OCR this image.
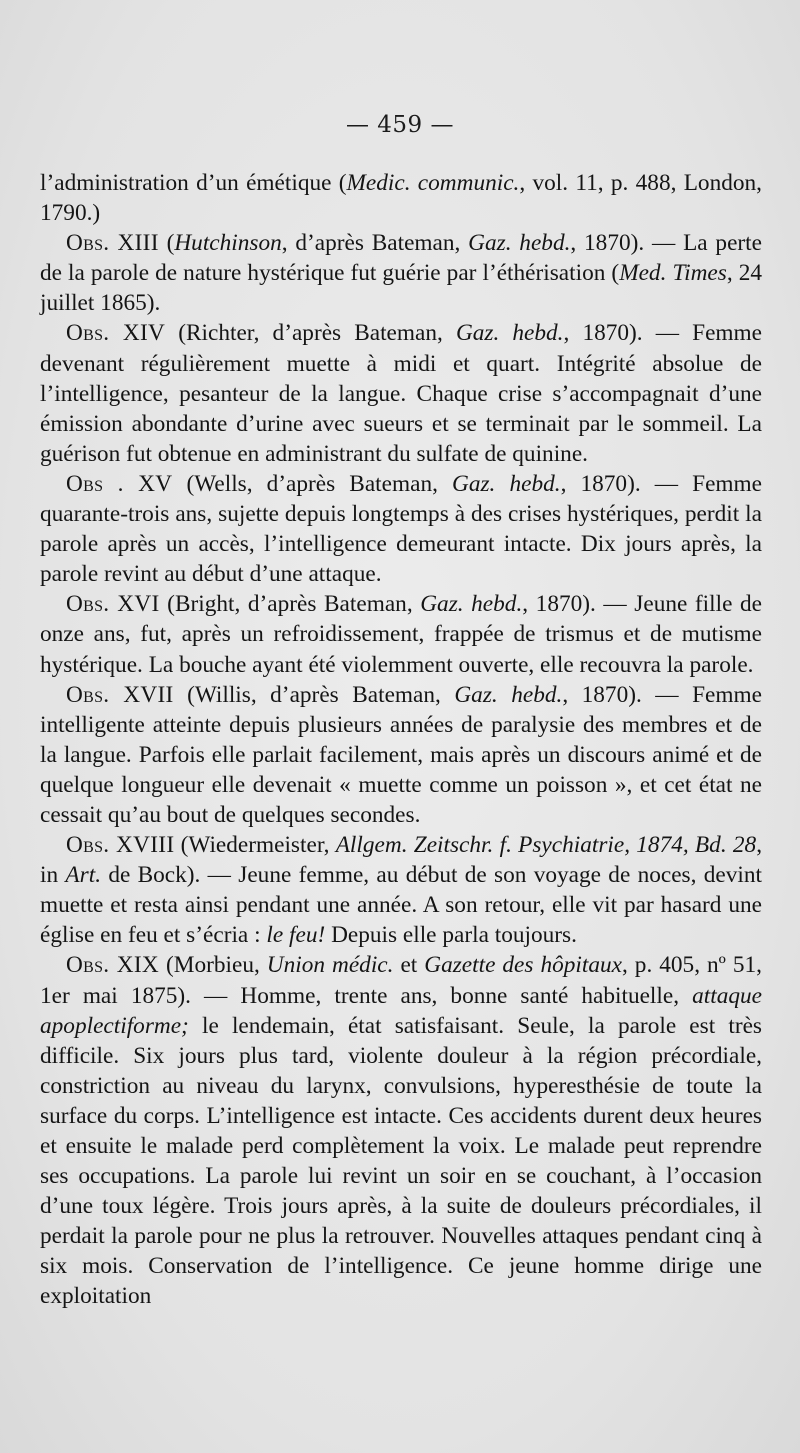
— 459 —

l’administration d’un émétique (Medic. communic., vol. 11, p. 488, London, 1790.)

Obs. XIII (Hutchinson, d’après Bateman, Gaz. hebd., 1870). — La perte de la parole de nature hystérique fut guérie par l’éthérisation (Med. Times, 24 juillet 1865).

Obs. XIV (Richter, d’après Bateman, Gaz. hebd., 1870). — Femme devenant régulièrement muette à midi et quart. Intégrité absolue de l’intelligence, pesanteur de la langue. Chaque crise s’accompagnait d’une émission abondante d’urine avec sueurs et se terminait par le sommeil. La guérison fut obtenue en administrant du sulfate de quinine.

Obs . XV (Wells, d’après Bateman, Gaz. hebd., 1870). — Femme quarante-trois ans, sujette depuis longtemps à des crises hystériques, perdit la parole après un accès, l’intelligence demeurant intacte. Dix jours après, la parole revint au début d’une attaque.

Obs. XVI (Bright, d’après Bateman, Gaz. hebd., 1870). — Jeune fille de onze ans, fut, après un refroidissement, frappée de trismus et de mutisme hystérique. La bouche ayant été violemment ouverte, elle recouvra la parole.

Obs. XVII (Willis, d’après Bateman, Gaz. hebd., 1870). — Femme intelligente atteinte depuis plusieurs années de paralysie des membres et de la langue. Parfois elle parlait facilement, mais après un discours animé et de quelque longueur elle devenait « muette comme un poisson », et cet état ne cessait qu’au bout de quelques secondes.

Obs. XVIII (Wiedermeister, Allgem. Zeitschr. f. Psychiatrie, 1874, Bd. 28, in Art. de Bock). — Jeune femme, au début de son voyage de noces, devint muette et resta ainsi pendant une année. A son retour, elle vit par hasard une église en feu et s’écria : le feu! Depuis elle parla toujours.

Obs. XIX (Morbieu, Union médic. et Gazette des hôpitaux, p. 405, nº 51, 1er mai 1875). — Homme, trente ans, bonne santé habituelle, attaque apoplectiforme; le lendemain, état satisfaisant. Seule, la parole est très difficile. Six jours plus tard, violente douleur à la région précordiale, constriction au niveau du larynx, convulsions, hyperesthésie de toute la surface du corps. L’intelligence est intacte. Ces accidents durent deux heures et ensuite le malade perd complètement la voix. Le malade peut reprendre ses occupations. La parole lui revint un soir en se couchant, à l’occasion d’une toux légère. Trois jours après, à la suite de douleurs précordiales, il perdait la parole pour ne plus la retrouver. Nouvelles attaques pendant cinq à six mois. Conservation de l’intelligence. Ce jeune homme dirige une exploitation
